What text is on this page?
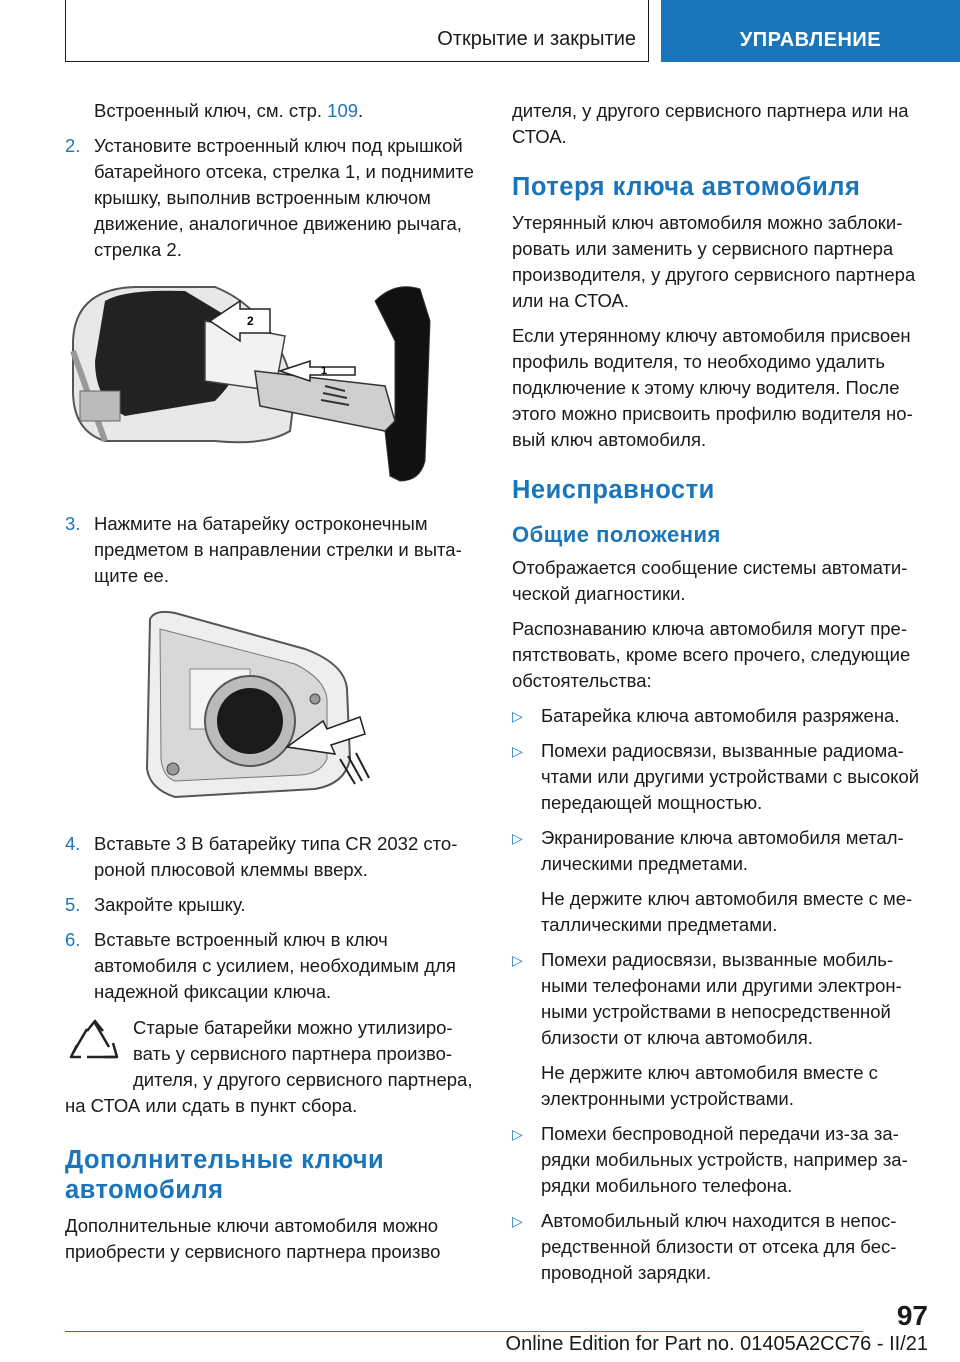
Открытие и закрытие	УПРАВЛЕНИЕ

Встроенный ключ, см. стр. 109.

2. Установите встроенный ключ под крышкой батарейного отсека, стрелка 1, и поднимите крышку, выполнив встроенным ключом движение, аналогичное движению рычага, стрелка 2.
1
2
3. Нажмите на батарейку остроконечным предметом в направлении стрелки и вытащите ее.
4. Вставьте 3 В батарейку типа CR 2032 стороной плюсовой клеммы вверх.
5. Закройте крышку.
6. Вставьте встроенный ключ в ключ автомобиля с усилием, необходимым для надежной фиксации ключа.
Старые батарейки можно утилизировать у сервисного партнера производителя, у другого сервисного партнера, на СТОА или сдать в пункт сбора.
Дополнительные ключи автомобиля

Дополнительные ключи автомобиля можно приобрести у сервисного партнера произво

дителя, у другого сервисного партнера или на СТОА.

Потеря ключа автомобиля

Утерянный ключ автомобиля можно заблокировать или заменить у сервисного партнера производителя, у другого сервисного партнера или на СТОА.

Если утерянному ключу автомобиля присвоен профиль водителя, то необходимо удалить подключение к этому ключу водителя. После этого можно присвоить профилю водителя новый ключ автомобиля.

Неисправности
Общие положения

Отображается сообщение системы автоматической диагностики.

Распознаванию ключа автомобиля могут препятствовать, кроме всего прочего, следующие обстоятельства:

▷ Батарейка ключа автомобиля разряжена.
▷ Помехи радиосвязи, вызванные радиомачтами или другими устройствами с высокой передающей мощностью.
▷ Экранирование ключа автомобиля металлическими предметами.
Не держите ключ автомобиля вместе с металлическими предметами.
▷ Помехи радиосвязи, вызванные мобильными телефонами или другими электронными устройствами в непосредственной близости от ключа автомобиля.
Не держите ключ автомобиля вместе с электронными устройствами.
▷ Помехи беспроводной передачи из-за зарядки мобильных устройств, например зарядки мобильного телефона.
▷ Автомобильный ключ находится в непосредственной близости от отсека для беспроводной зарядки.
97
Online Edition for Part no. 01405A2CC76 - II/21
